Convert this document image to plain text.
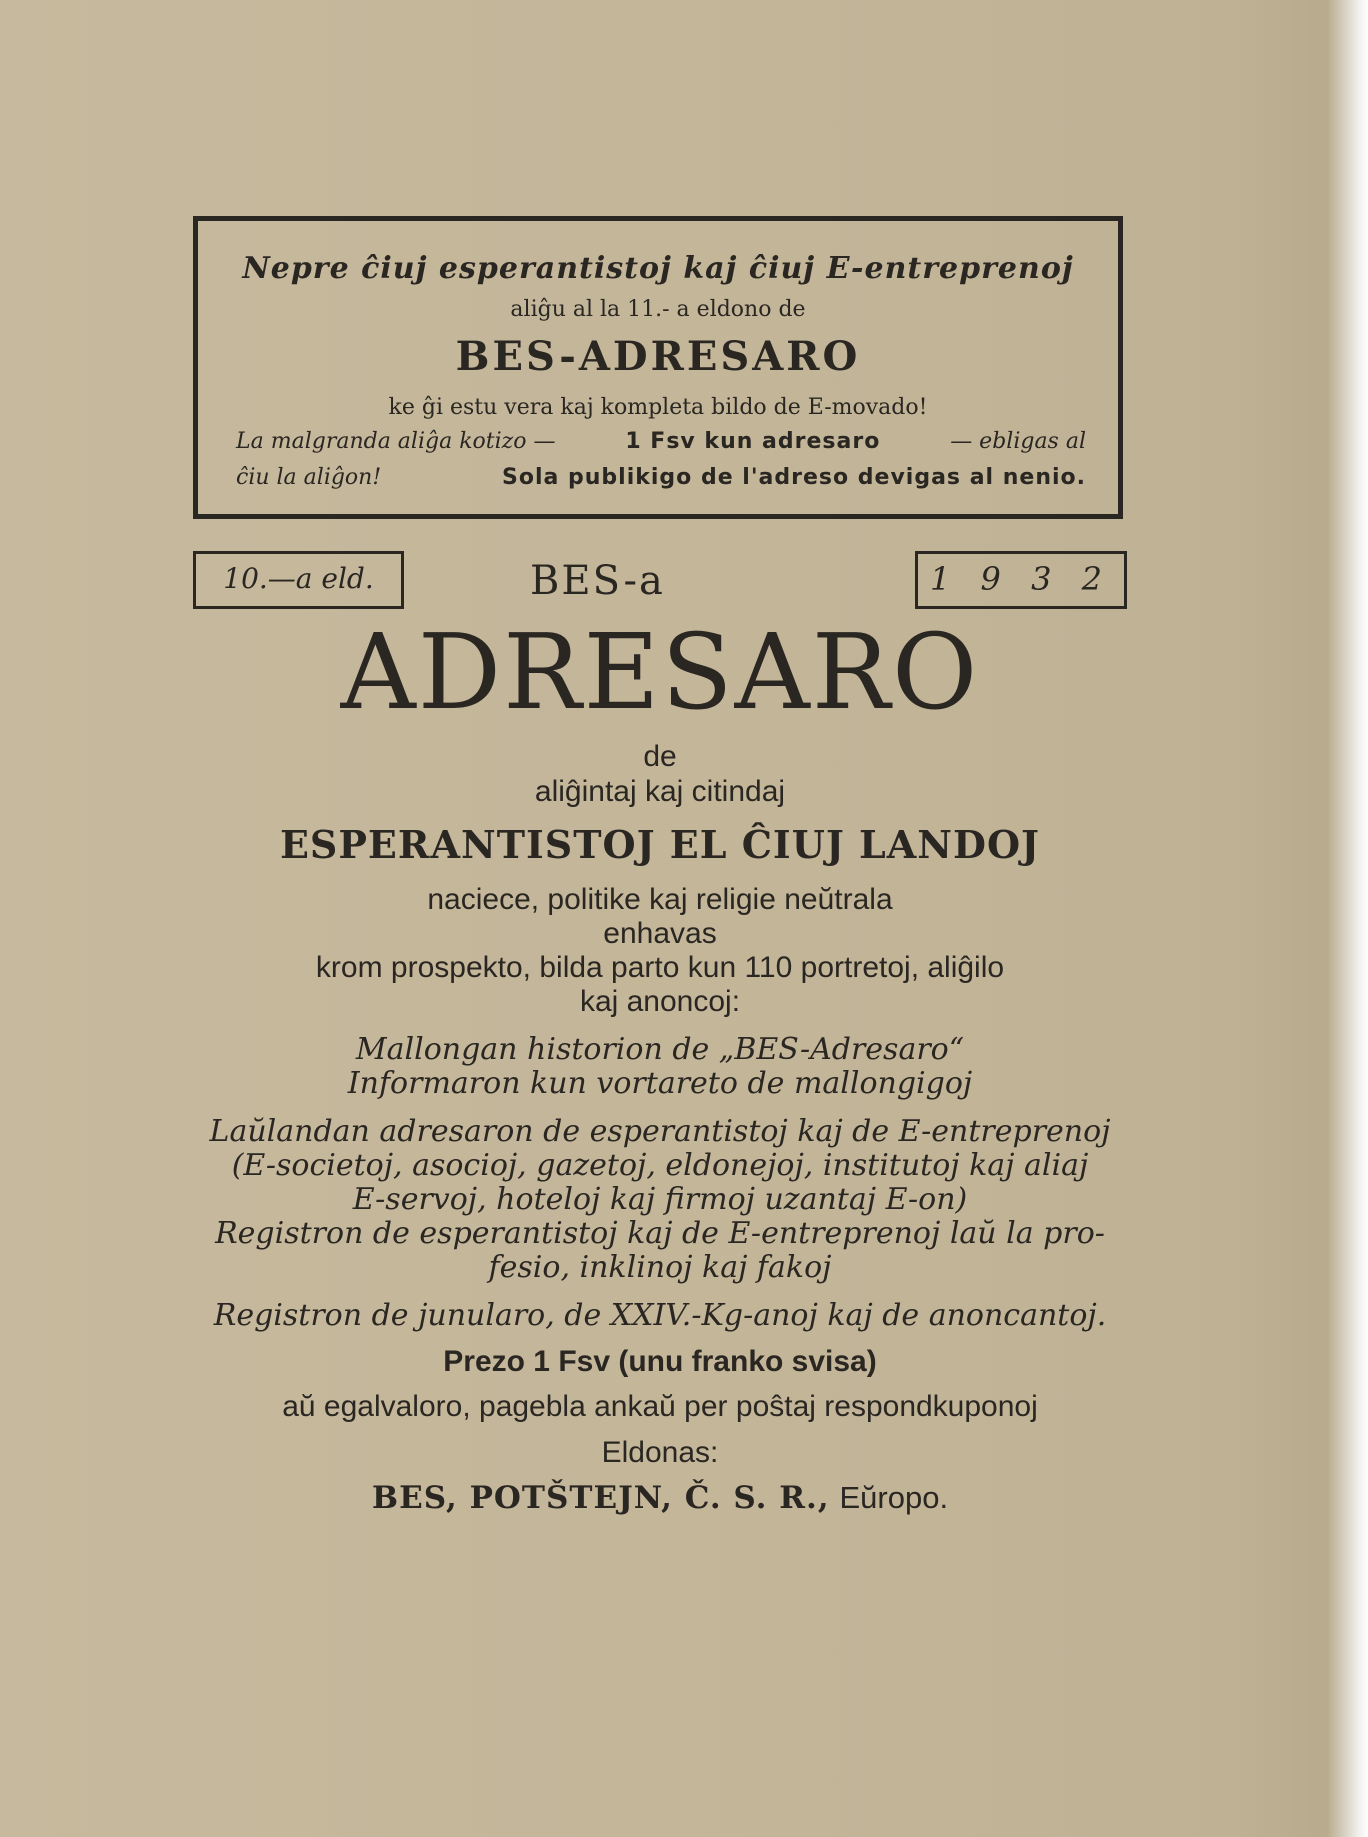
Nepre ĉiuj esperantistoj kaj ĉiuj E-entreprenoj
aliĝu al la 11.- a eldono de
BES-ADRESARO
ke ĝi estu vera kaj kompleta bildo de E-movado!
La malgranda aliĝa kotizo —	1 Fsv kun adresaro	— ebligas al
ĉiu la aliĝon!	Sola publikigo de l'adreso devigas al nenio.
10.—a eld.	BES-a	1 9 3 2
ADRESARO
de
aliĝintaj kaj citindaj
ESPERANTISTOJ EL ĈIUJ LANDOJ
naciece, politike kaj religie neŭtrala
enhavas
krom prospekto, bilda parto kun 110 portretoj, aliĝilo
kaj anoncoj:
Mallongan historion de „BES-Adresaro“
Informaron kun vortareto de mallongigoj
Laŭlandan adresaron de esperantistoj kaj de E-entreprenoj
(E-societoj, asocioj, gazetoj, eldonejoj, institutoj kaj aliaj
E-servoj, hoteloj kaj firmoj uzantaj E-on)
Registron de esperantistoj kaj de E-entreprenoj laŭ la pro-
fesio, inklinoj kaj fakoj
Registron de junularo, de XXIV.-Kg-anoj kaj de anoncantoj.
Prezo 1 Fsv (unu franko svisa)
aŭ egalvaloro, pagebla ankaŭ per poŝtaj respondkuponoj
Eldonas:
BES, POTŠTEJN, Č. S. R., Eŭropo.
